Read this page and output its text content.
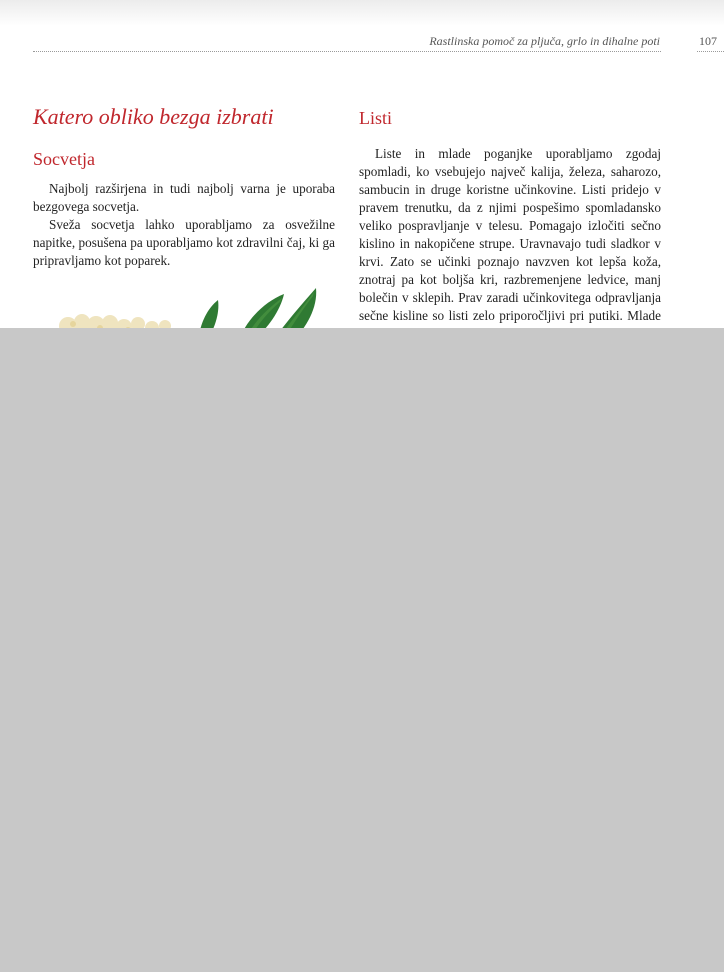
Rastlinska pomoč za pljuča, grlo in dihalne poti	107
Katero obliko bezga izbrati
Socvetja

Najbolj razširjena in tudi najbolj varna je uporaba bezgovega socvetja.

Sveža socvetja lahko uporabljamo za osvežilne napitke, posušena pa uporabljamo kot zdravilni čaj, ki ga pripravljamo kot poparek.

Listi

Liste in mlade poganjke uporabljamo zgodaj spomladi, ko vsebujejo največ kalija, železa, saharozo, sambucin in druge koristne učinkovine. Listi pridejo v pravem trenutku, da z njimi pospešimo spomladansko veliko pospravljanje v telesu. Pomagajo izločiti sečno kislino in nakopičene strupe. Uravnavajo tudi sladkor v krvi. Zato se učinki poznajo navzven kot lepša koža, znotraj pa kot boljša kri, razbremenjene ledvice, manj bolečin v sklepih. Prav zaradi učinkovitega odpravljanja sečne kisline so listi zelo priporočljivi pri putiki. Mlade
